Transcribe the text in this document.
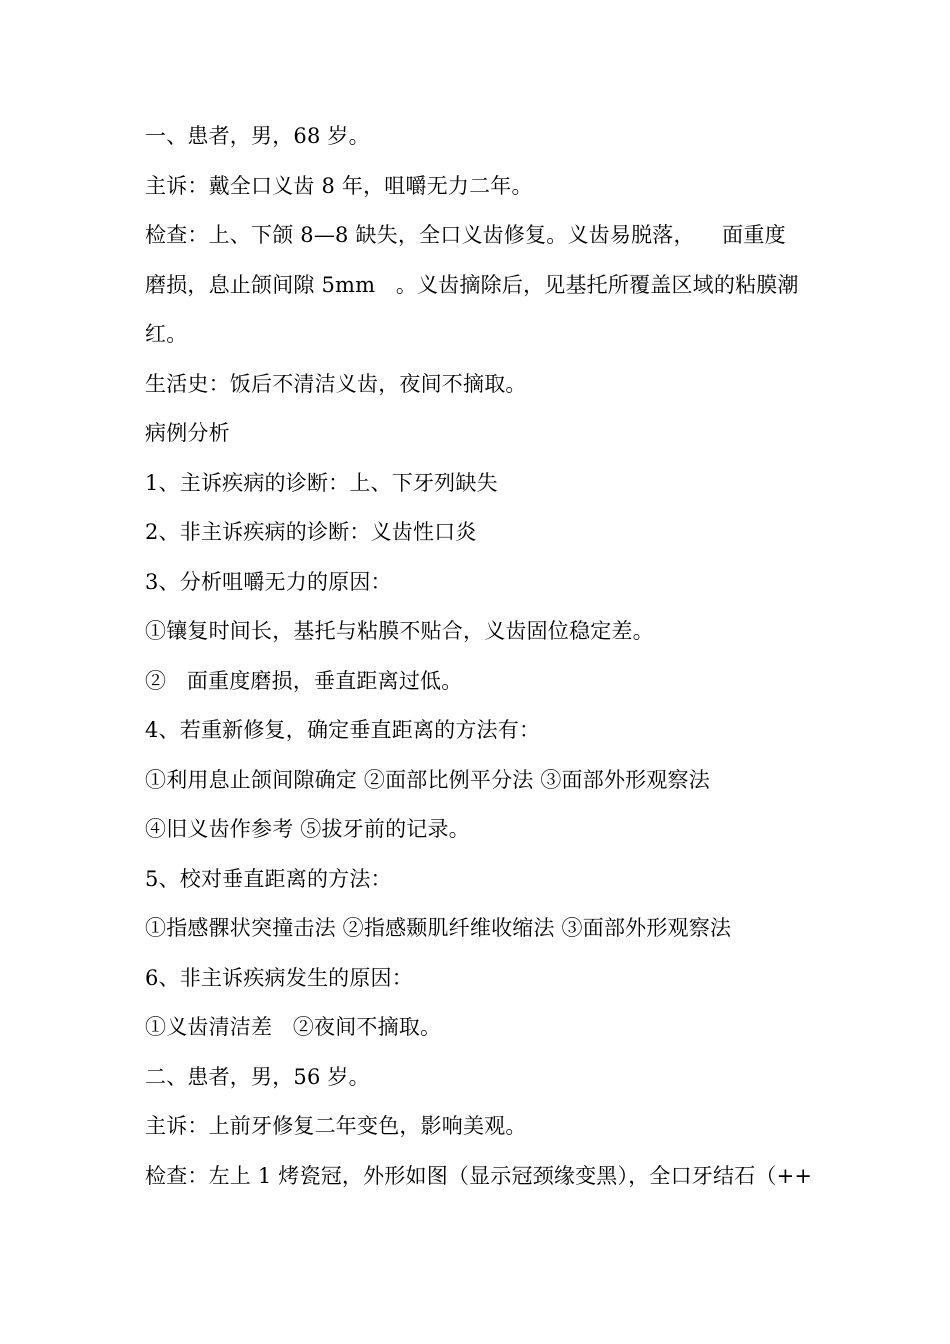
一、患者，男，68 岁。

主诉：戴全口义齿 8 年，咀嚼无力二年。

检查：上、下颌 8—8 缺失，全口义齿修复。义齿易脱落，    面重度

磨损，息止颌间隙 5mm   。义齿摘除后，见基托所覆盖区域的粘膜潮

红。

生活史：饭后不清洁义齿，夜间不摘取。

病例分析

1、主诉疾病的诊断：上、下牙列缺失

2、非主诉疾病的诊断：义齿性口炎

3、分析咀嚼无力的原因：

①镶复时间长，基托与粘膜不贴合，义齿固位稳定差。

②   面重度磨损，垂直距离过低。

4、若重新修复，确定垂直距离的方法有：

①利用息止颌间隙确定 ②面部比例平分法 ③面部外形观察法

④旧义齿作参考 ⑤拔牙前的记录。

5、校对垂直距离的方法：

①指感髁状突撞击法 ②指感颞肌纤维收缩法 ③面部外形观察法

6、非主诉疾病发生的原因：

①义齿清洁差   ②夜间不摘取。

二、患者，男，56 岁。

主诉：上前牙修复二年变色，影响美观。

检查：左上 1 烤瓷冠，外形如图（显示冠颈缘变黑），全口牙结石（++
